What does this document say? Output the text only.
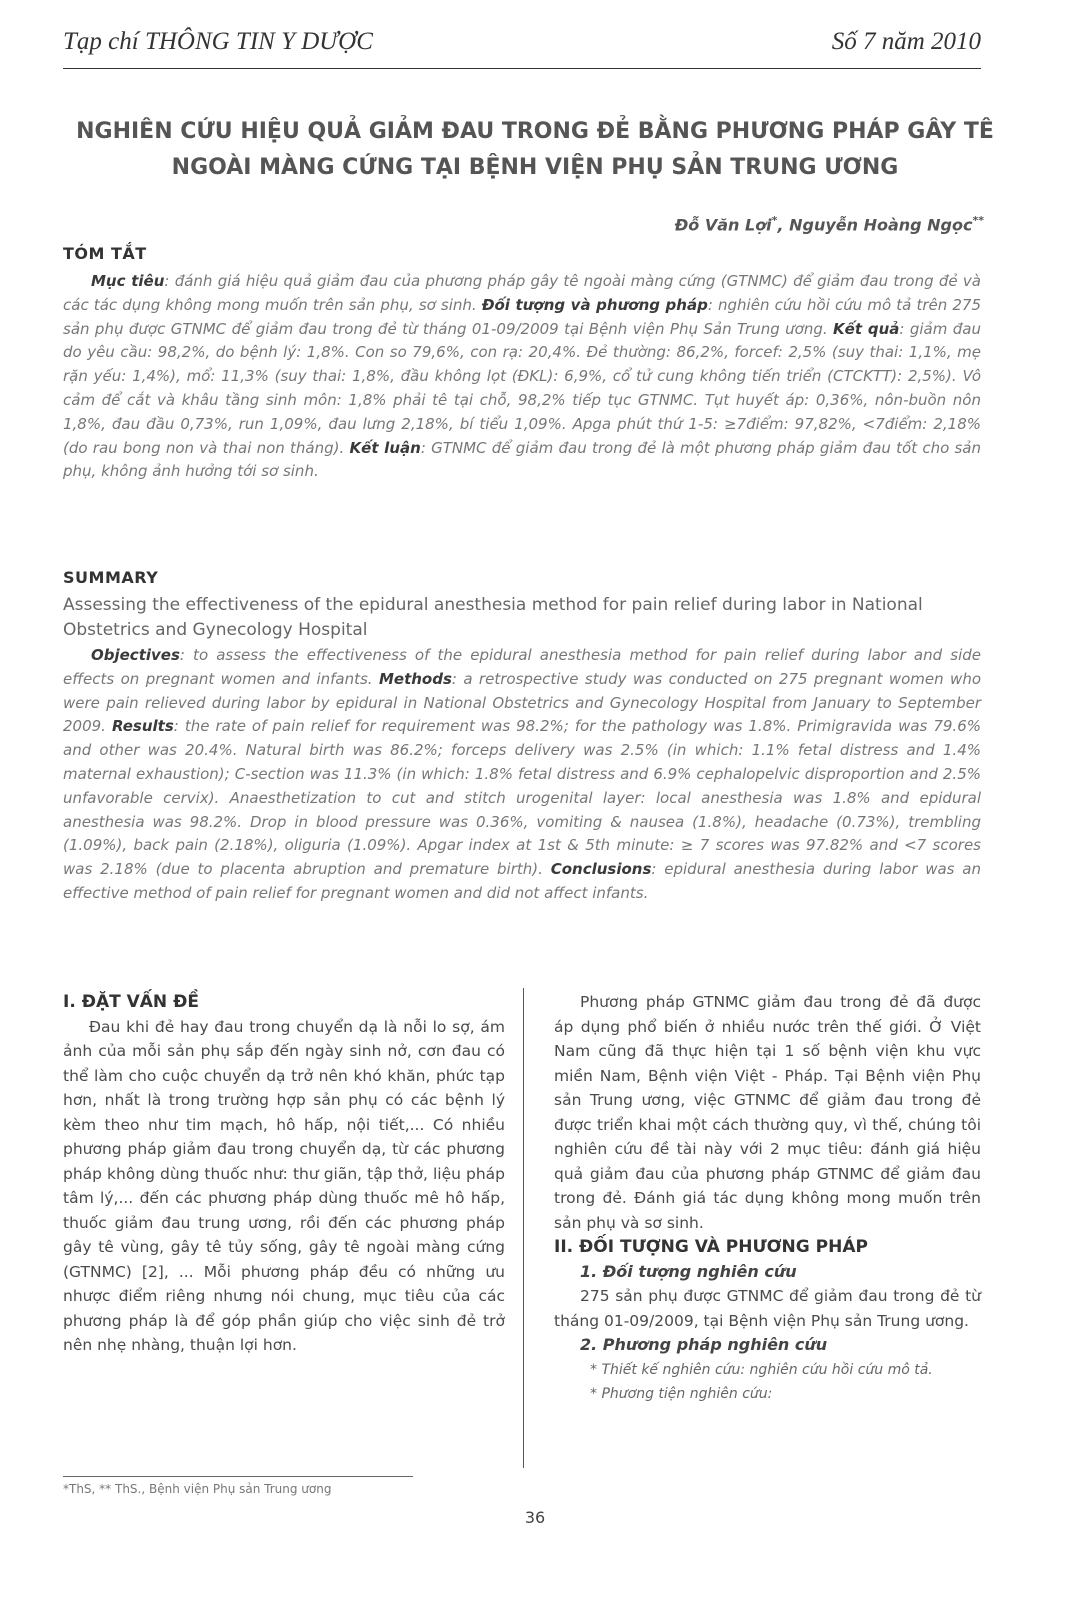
Tạp chí THÔNG TIN Y DƯỢC	Số 7 năm 2010
NGHIÊN CỨU HIỆU QUẢ GIẢM ĐAU TRONG ĐẺ BẰNG PHƯƠNG PHÁP GÂY TÊ
NGOÀI MÀNG CỨNG TẠI BỆNH VIỆN PHỤ SẢN TRUNG ƯƠNG
Đỗ Văn Lợi*, Nguyễn Hoàng Ngọc**
TÓM TẮT
Mục tiêu: đánh giá hiệu quả giảm đau của phương pháp gây tê ngoài màng cứng (GTNMC) để giảm đau trong đẻ và các tác dụng không mong muốn trên sản phụ, sơ sinh. Đối tượng và phương pháp: nghiên cứu hồi cứu mô tả trên 275 sản phụ được GTNMC để giảm đau trong đẻ từ tháng 01-09/2009 tại Bệnh viện Phụ Sản Trung ương. Kết quả: giảm đau do yêu cầu: 98,2%, do bệnh lý: 1,8%. Con so 79,6%, con rạ: 20,4%. Đẻ thường: 86,2%, forcef: 2,5% (suy thai: 1,1%, mẹ rặn yếu: 1,4%), mổ: 11,3% (suy thai: 1,8%, đầu không lọt (ĐKL): 6,9%, cổ tử cung không tiến triển (CTCKTT): 2,5%). Vô cảm để cắt và khâu tầng sinh môn: 1,8% phải tê tại chỗ, 98,2% tiếp tục GTNMC. Tụt huyết áp: 0,36%, nôn-buồn nôn 1,8%, đau đầu 0,73%, run 1,09%, đau lưng 2,18%, bí tiểu 1,09%. Apga phút thứ 1-5: ≥7điểm: 97,82%, <7điểm: 2,18% (do rau bong non và thai non tháng). Kết luận: GTNMC để giảm đau trong đẻ là một phương pháp giảm đau tốt cho sản phụ, không ảnh hưởng tới sơ sinh.
SUMMARY
Assessing the effectiveness of the epidural anesthesia method for pain relief during labor in National Obstetrics and Gynecology Hospital
Objectives: to assess the effectiveness of the epidural anesthesia method for pain relief during labor and side effects on pregnant women and infants. Methods: a retrospective study was conducted on 275 pregnant women who were pain relieved during labor by epidural in National Obstetrics and Gynecology Hospital from January to September 2009. Results: the rate of pain relief for requirement was 98.2%; for the pathology was 1.8%. Primigravida was 79.6% and other was 20.4%. Natural birth was 86.2%; forceps delivery was 2.5% (in which: 1.1% fetal distress and 1.4% maternal exhaustion); C-section was 11.3% (in which: 1.8% fetal distress and 6.9% cephalopelvic disproportion and 2.5% unfavorable cervix). Anaesthetization to cut and stitch urogenital layer: local anesthesia was 1.8% and epidural anesthesia was 98.2%. Drop in blood pressure was 0.36%, vomiting & nausea (1.8%), headache (0.73%), trembling (1.09%), back pain (2.18%), oliguria (1.09%). Apgar index at 1st & 5th minute: ≥ 7 scores was 97.82% and <7 scores was 2.18% (due to placenta abruption and premature birth). Conclusions: epidural anesthesia during labor was an effective method of pain relief for pregnant women and did not affect infants.
I. ĐẶT VẤN ĐỀ

Đau khi đẻ hay đau trong chuyển dạ là nỗi lo sợ, ám ảnh của mỗi sản phụ sắp đến ngày sinh nở, cơn đau có thể làm cho cuộc chuyển dạ trở nên khó khăn, phức tạp hơn, nhất là trong trường hợp sản phụ có các bệnh lý kèm theo như tim mạch, hô hấp, nội tiết,... Có nhiều phương pháp giảm đau trong chuyển dạ, từ các phương pháp không dùng thuốc như: thư giãn, tập thở, liệu pháp tâm lý,... đến các phương pháp dùng thuốc mê hô hấp, thuốc giảm đau trung ương, rồi đến các phương pháp gây tê vùng, gây tê tủy sống, gây tê ngoài màng cứng (GTNMC) [2], ... Mỗi phương pháp đều có những ưu nhược điểm riêng nhưng nói chung, mục tiêu của các phương pháp là để góp phần giúp cho việc sinh đẻ trở nên nhẹ nhàng, thuận lợi hơn.

Phương pháp GTNMC giảm đau trong đẻ đã được áp dụng phổ biến ở nhiều nước trên thế giới. Ở Việt Nam cũng đã thực hiện tại 1 số bệnh viện khu vực miền Nam, Bệnh viện Việt - Pháp. Tại Bệnh viện Phụ sản Trung ương, việc GTNMC để giảm đau trong đẻ được triển khai một cách thường quy, vì thế, chúng tôi nghiên cứu đề tài này với 2 mục tiêu: đánh giá hiệu quả giảm đau của phương pháp GTNMC để giảm đau trong đẻ. Đánh giá tác dụng không mong muốn trên sản phụ và sơ sinh.

II. ĐỐI TƯỢNG VÀ PHƯƠNG PHÁP
1. Đối tượng nghiên cứu

275 sản phụ được GTNMC để giảm đau trong đẻ từ tháng 01-09/2009, tại Bệnh viện Phụ sản Trung ương.

2. Phương pháp nghiên cứu

* Thiết kế nghiên cứu: nghiên cứu hồi cứu mô tả.

* Phương tiện nghiên cứu:

*ThS, ** ThS., Bệnh viện Phụ sản Trung ương
36
